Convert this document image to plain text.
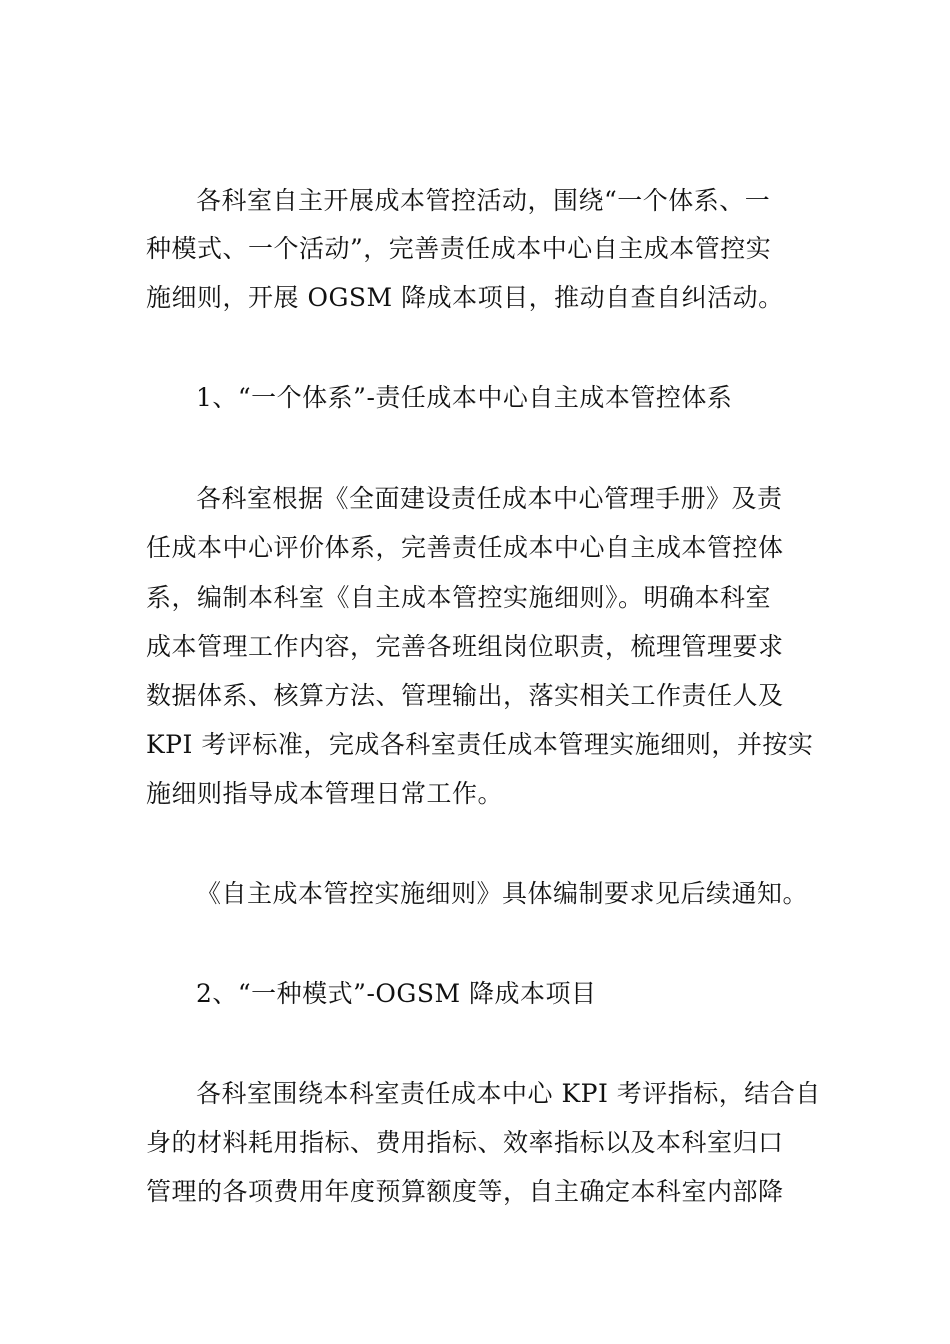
各科室自主开展成本管控活动，围绕“一个体系、一
种模式、一个活动”，完善责任成本中心自主成本管控实
施细则，开展 OGSM 降成本项目，推动自查自纠活动。
1、“一个体系”-责任成本中心自主成本管控体系
各科室根据《全面建设责任成本中心管理手册》及责
任成本中心评价体系，完善责任成本中心自主成本管控体
系，编制本科室《自主成本管控实施细则》。明确本科室
成本管理工作内容，完善各班组岗位职责，梳理管理要求
数据体系、核算方法、管理输出，落实相关工作责任人及
KPI 考评标准，完成各科室责任成本管理实施细则，并按实
施细则指导成本管理日常工作。
《自主成本管控实施细则》具体编制要求见后续通知。
2、“一种模式”-OGSM 降成本项目
各科室围绕本科室责任成本中心 KPI 考评指标，结合自
身的材料耗用指标、费用指标、效率指标以及本科室归口
管理的各项费用年度预算额度等，自主确定本科室内部降
